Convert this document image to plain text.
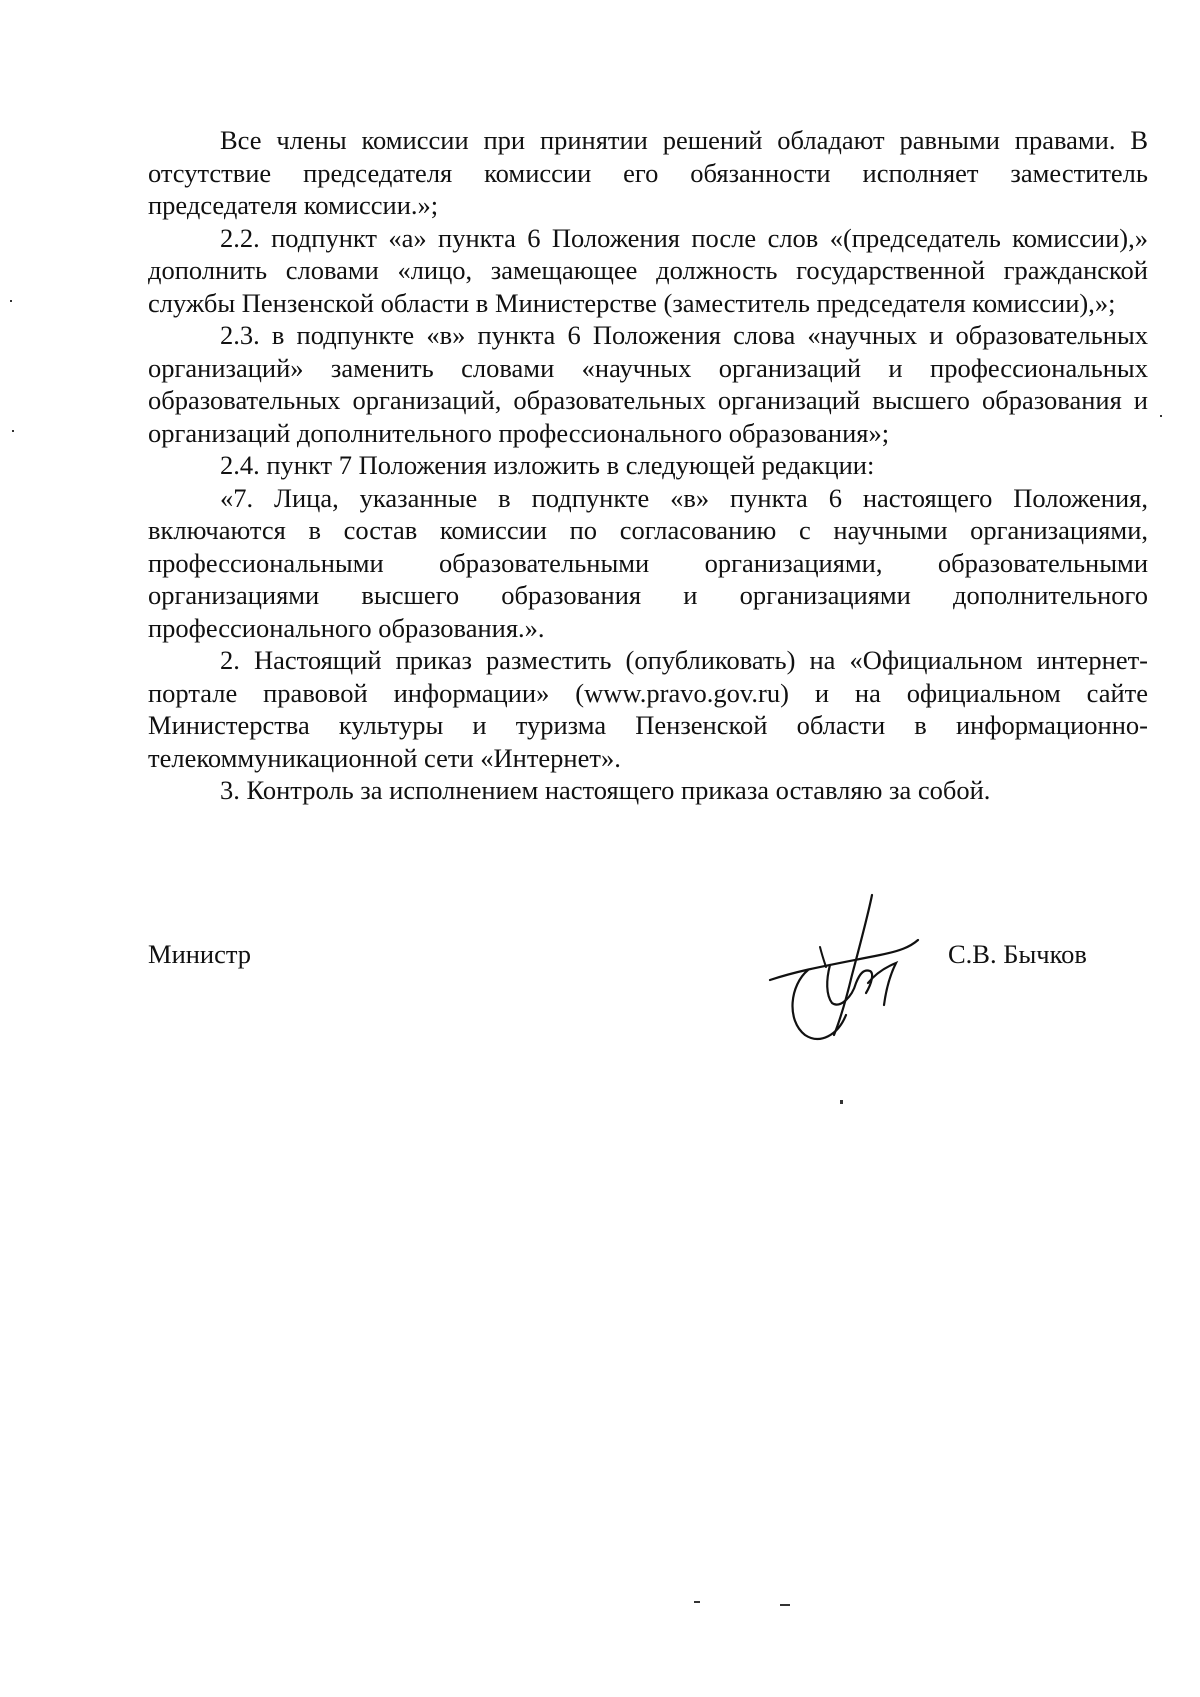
Все члены комиссии при принятии решений обладают равными правами. В отсутствие председателя комиссии его обязанности исполняет заместитель председателя комиссии.»;

2.2. подпункт «а» пункта 6 Положения после слов «(председатель комиссии),» дополнить словами «лицо, замещающее должность государственной гражданской службы Пензенской области в Министерстве (заместитель председателя комиссии),»;

2.3. в подпункте «в» пункта 6 Положения слова «научных и образовательных организаций» заменить словами «научных организаций и профессиональных образовательных организаций, образовательных организаций высшего образования и организаций дополнительного профессионального образования»;

2.4. пункт 7 Положения изложить в следующей редакции:

«7. Лица, указанные в подпункте «в» пункта 6 настоящего Положения, включаются в состав комиссии по согласованию с научными организациями, профессиональными образовательными организациями, образовательными организациями высшего образования и организациями дополнительного профессионального образования.».

2. Настоящий приказ разместить (опубликовать) на «Официальном интернет-портале правовой информации» (www.pravo.gov.ru) и на официальном сайте Министерства культуры и туризма Пензенской области в информационно-телекоммуникационной сети «Интернет».

3. Контроль за исполнением настоящего приказа оставляю за собой.

Министр	С.В. Бычков
